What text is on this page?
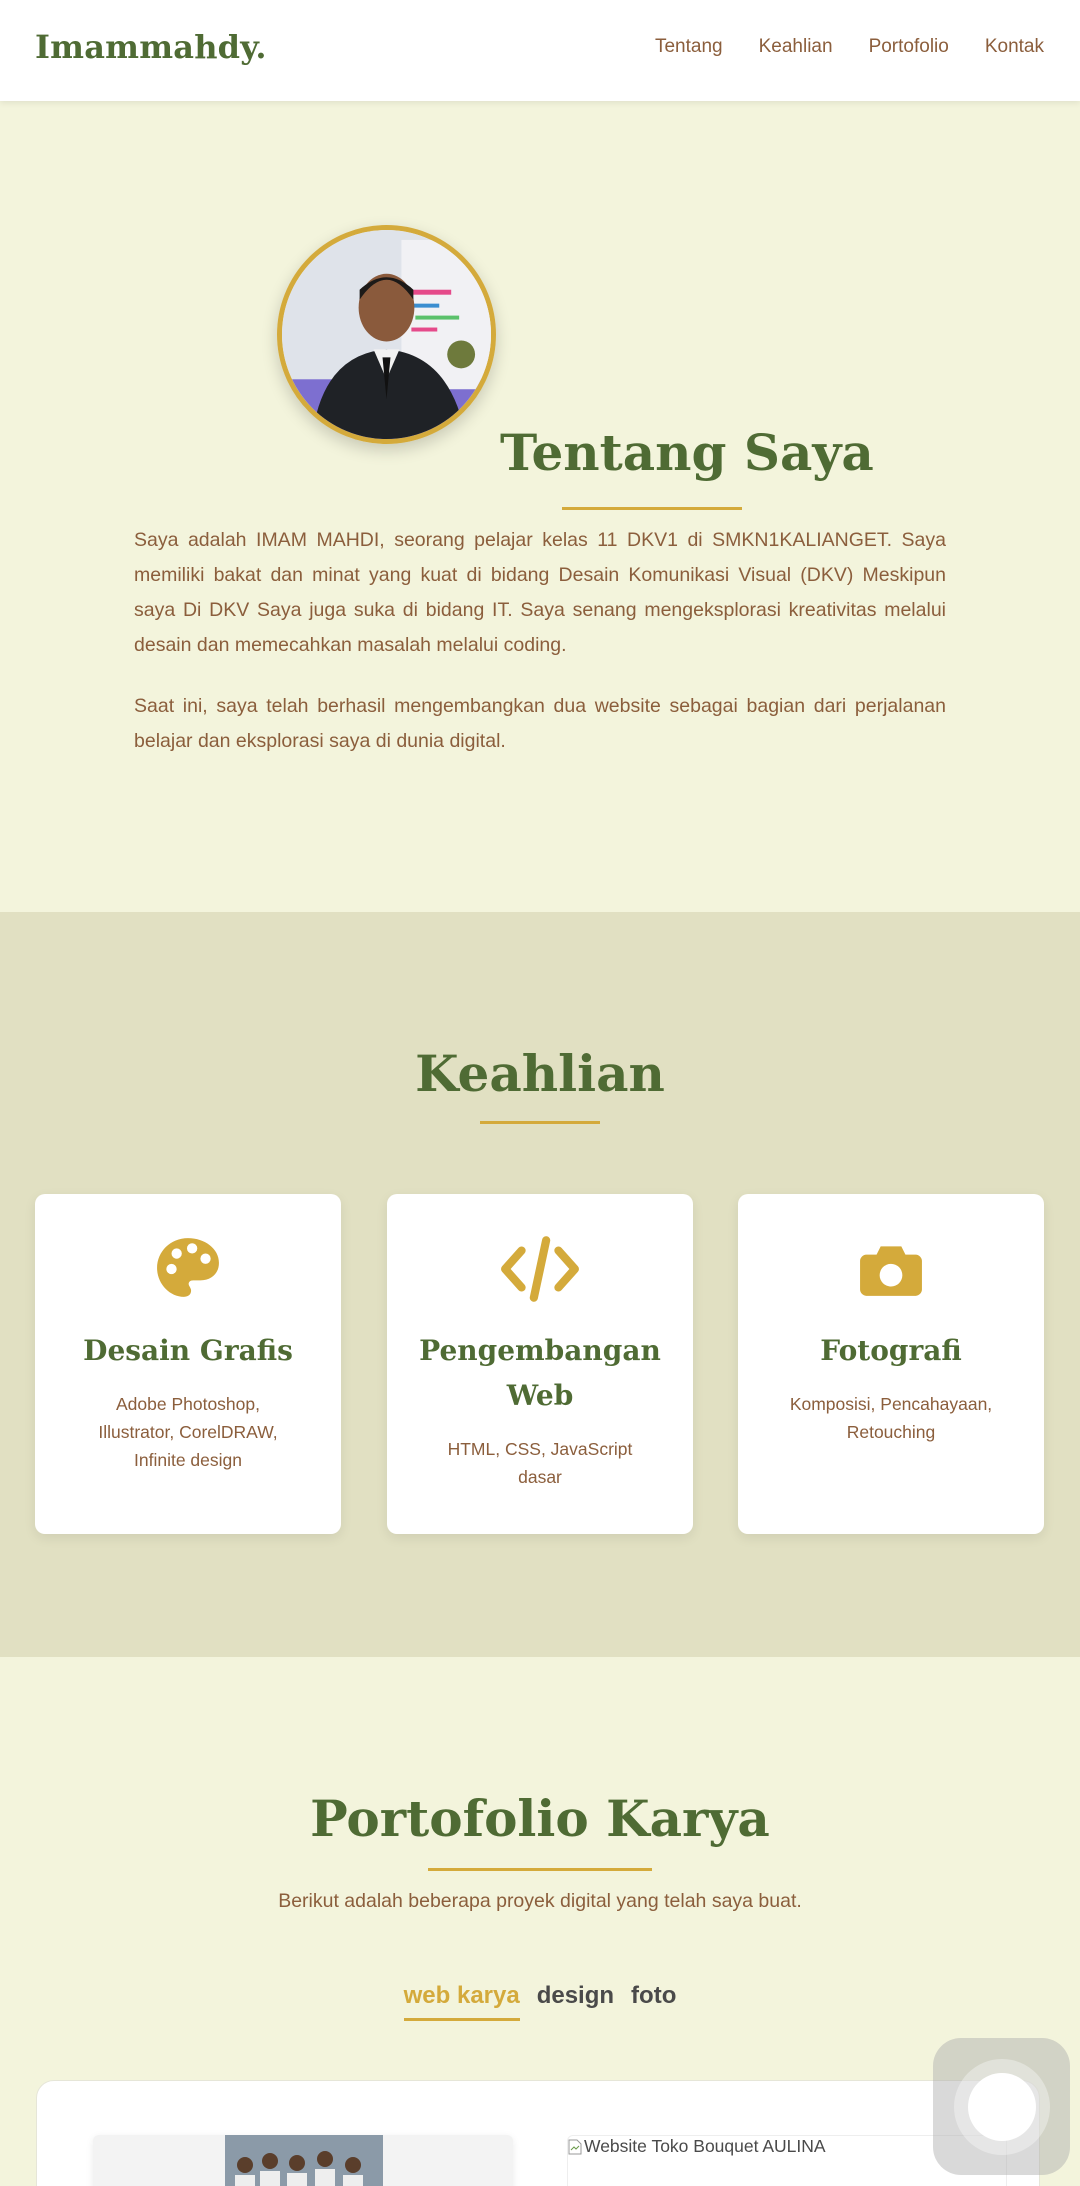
Imammahdy.	Tentang Keahlian Portofolio Kontak
Tentang Saya

Saya adalah IMAM MAHDI, seorang pelajar kelas 11 DKV1 di SMKN1KALIANGET. Saya memiliki bakat dan minat yang kuat di bidang Desain Komunikasi Visual (DKV) Meskipun saya Di DKV Saya juga suka di bidang IT. Saya senang mengeksplorasi kreativitas melalui desain dan memecahkan masalah melalui coding.

Saat ini, saya telah berhasil mengembangkan dua website sebagai bagian dari perjalanan belajar dan eksplorasi saya di dunia digital.

Keahlian
Desain Grafis
Adobe Photoshop, Illustrator, CorelDRAW, Infinite design
Pengembangan Web
HTML, CSS, JavaScript dasar
Fotografi
Komposisi, Pencahayaan, Retouching
Portofolio Karya

Berikut adalah beberapa proyek digital yang telah saya buat.

web karya design foto
Website Toko Bouquet AULINA
